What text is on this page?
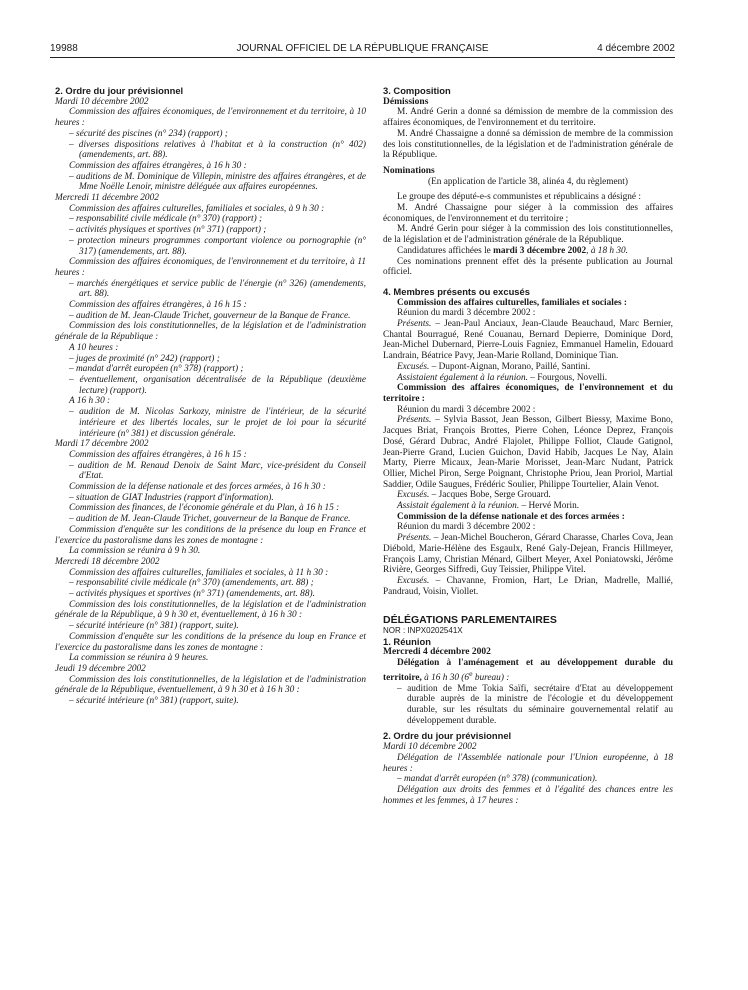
19988	JOURNAL OFFICIEL DE LA RÉPUBLIQUE FRANÇAISE	4 décembre 2002

2. Ordre du jour prévisionnel

Mardi 10 décembre 2002

Commission des affaires économiques, de l'environnement et du territoire, à 10 heures :

– sécurité des piscines (n° 234) (rapport) ;

– diverses dispositions relatives à l'habitat et à la construction (n° 402) (amendements, art. 88).

Commission des affaires étrangères, à 16 h 30 :

– auditions de M. Dominique de Villepin, ministre des affaires étrangères, et de Mme Noëlle Lenoir, ministre déléguée aux affaires européennes.

Mercredi 11 décembre 2002

Commission des affaires culturelles, familiales et sociales, à 9 h 30 :

– responsabilité civile médicale (n° 370) (rapport) ;

– activités physiques et sportives (n° 371) (rapport) ;

– protection mineurs programmes comportant violence ou pornographie (n° 317) (amendements, art. 88).

Commission des affaires économiques, de l'environnement et du territoire, à 11 heures :

– marchés énergétiques et service public de l'énergie (n° 326) (amendements, art. 88).

Commission des affaires étrangères, à 16 h 15 :

– audition de M. Jean-Claude Trichet, gouverneur de la Banque de France.

Commission des lois constitutionnelles, de la législation et de l'administration générale de la République :

A 10 heures :

– juges de proximité (n° 242) (rapport) ;

– mandat d'arrêt européen (n° 378) (rapport) ;

– éventuellement, organisation décentralisée de la République (deuxième lecture) (rapport).

A 16 h 30 :

– audition de M. Nicolas Sarkozy, ministre de l'intérieur, de la sécurité intérieure et des libertés locales, sur le projet de loi pour la sécurité intérieure (n° 381) et discussion générale.

Mardi 17 décembre 2002

Commission des affaires étrangères, à 16 h 15 :

– audition de M. Renaud Denoix de Saint Marc, vice-président du Conseil d'Etat.

Commission de la défense nationale et des forces armées, à 16 h 30 :

– situation de GIAT Industries (rapport d'information).

Commission des finances, de l'économie générale et du Plan, à 16 h 15 :

– audition de M. Jean-Claude Trichet, gouverneur de la Banque de France.

Commission d'enquête sur les conditions de la présence du loup en France et l'exercice du pastoralisme dans les zones de montagne :

La commission se réunira à 9 h 30.

Mercredi 18 décembre 2002

Commission des affaires culturelles, familiales et sociales, à 11 h 30 :

– responsabilité civile médicale (n° 370) (amendements, art. 88) ;

– activités physiques et sportives (n° 371) (amendements, art. 88).

Commission des lois constitutionnelles, de la législation et de l'administration générale de la République, à 9 h 30 et, éventuellement, à 16 h 30 :

– sécurité intérieure (n° 381) (rapport, suite).

Commission d'enquête sur les conditions de la présence du loup en France et l'exercice du pastoralisme dans les zones de montagne :

La commission se réunira à 9 heures.

Jeudi 19 décembre 2002

Commission des lois constitutionnelles, de la législation et de l'administration générale de la République, éventuellement, à 9 h 30 et à 16 h 30 :

– sécurité intérieure (n° 381) (rapport, suite).

3. Composition

Démissions

M. André Gerin a donné sa démission de membre de la commission des affaires économiques, de l'environnement et du territoire.

M. André Chassaigne a donné sa démission de membre de la commission des lois constitutionnelles, de la législation et de l'administration générale de la République.

Nominations

(En application de l'article 38, alinéa 4, du règlement)

Le groupe des député-e-s communistes et républicains a désigné :

M. André Chassaigne pour siéger à la commission des affaires économiques, de l'environnement et du territoire ;

M. André Gerin pour siéger à la commission des lois constitutionnelles, de la législation et de l'administration générale de la République.

Candidatures affichées le mardi 3 décembre 2002, à 18 h 30.

Ces nominations prennent effet dès la présente publication au Journal officiel.

4. Membres présents ou excusés

Commission des affaires culturelles, familiales et sociales :

Réunion du mardi 3 décembre 2002 :

Présents. – Jean-Paul Anciaux, Jean-Claude Beauchaud, Marc Bernier, Chantal Bourragué, René Couanau, Bernard Depierre, Dominique Dord, Jean-Michel Dubernard, Pierre-Louis Fagniez, Emmanuel Hamelin, Edouard Landrain, Béatrice Pavy, Jean-Marie Rolland, Dominique Tian.

Excusés. – Dupont-Aignan, Morano, Paillé, Santini.

Assistaient également à la réunion. – Fourgous, Novelli.

Commission des affaires économiques, de l'environnement et du territoire :

Réunion du mardi 3 décembre 2002 :

Présents. – Sylvia Bassot, Jean Besson, Gilbert Biessy, Maxime Bono, Jacques Briat, François Brottes, Pierre Cohen, Léonce Deprez, François Dosé, Gérard Dubrac, André Flajolet, Philippe Folliot, Claude Gatignol, Jean-Pierre Grand, Lucien Guichon, David Habib, Jacques Le Nay, Alain Marty, Pierre Micaux, Jean-Marie Morisset, Jean-Marc Nudant, Patrick Ollier, Michel Piron, Serge Poignant, Christophe Priou, Jean Proriol, Martial Saddier, Odile Saugues, Frédéric Soulier, Philippe Tourtelier, Alain Venot.

Excusés. – Jacques Bobe, Serge Grouard.

Assistait également à la réunion. – Hervé Morin.

Commission de la défense nationale et des forces armées :

Réunion du mardi 3 décembre 2002 :

Présents. – Jean-Michel Boucheron, Gérard Charasse, Charles Cova, Jean Diébold, Marie-Hélène des Esgaulx, René Galy-Dejean, Francis Hillmeyer, François Lamy, Christian Ménard, Gilbert Meyer, Axel Poniatowski, Jérôme Rivière, Georges Siffredi, Guy Teissier, Philippe Vitel.

Excusés. – Chavanne, Fromion, Hart, Le Drian, Madrelle, Mallié, Pandraud, Voisin, Viollet.

DÉLÉGATIONS PARLEMENTAIRES

NOR : INPX0202541X

1. Réunion

Mercredi 4 décembre 2002

Délégation à l'aménagement et au développement durable du territoire, à 16 h 30 (6e bureau) :

– audition de Mme Tokia Saïfi, secrétaire d'Etat au développement durable auprès de la ministre de l'écologie et du développement durable, sur les résultats du séminaire gouvernemental relatif au développement durable.

2. Ordre du jour prévisionnel

Mardi 10 décembre 2002

Délégation de l'Assemblée nationale pour l'Union européenne, à 18 heures :

– mandat d'arrêt européen (n° 378) (communication).

Délégation aux droits des femmes et à l'égalité des chances entre les hommes et les femmes, à 17 heures :
